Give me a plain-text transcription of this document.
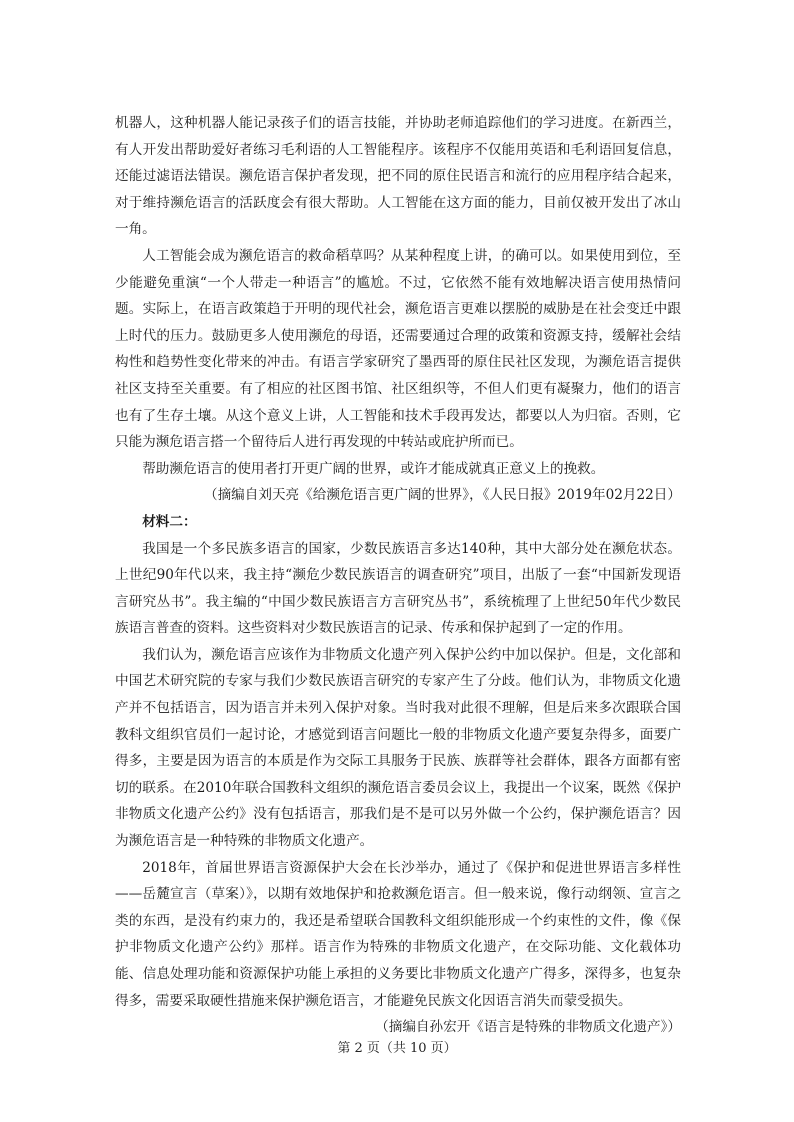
机器人，这种机器人能记录孩子们的语言技能，并协助老师追踪他们的学习进度。在新西兰，有人开发出帮助爱好者练习毛利语的人工智能程序。该程序不仅能用英语和毛利语回复信息，还能过滤语法错误。濒危语言保护者发现，把不同的原住民语言和流行的应用程序结合起来，对于维持濒危语言的活跃度会有很大帮助。人工智能在这方面的能力，目前仅被开发出了冰山一角。

人工智能会成为濒危语言的救命稻草吗？从某种程度上讲，的确可以。如果使用到位，至少能避免重演“一个人带走一种语言”的尴尬。不过，它依然不能有效地解决语言使用热情问题。实际上，在语言政策趋于开明的现代社会，濒危语言更难以摆脱的威胁是在社会变迁中跟上时代的压力。鼓励更多人使用濒危的母语，还需要通过合理的政策和资源支持，缓解社会结构性和趋势性变化带来的冲击。有语言学家研究了墨西哥的原住民社区发现，为濒危语言提供社区支持至关重要。有了相应的社区图书馆、社区组织等，不但人们更有凝聚力，他们的语言也有了生存土壤。从这个意义上讲，人工智能和技术手段再发达，都要以人为归宿。否则，它只能为濒危语言搭一个留待后人进行再发现的中转站或庇护所而已。

帮助濒危语言的使用者打开更广阔的世界，或许才能成就真正意义上的挽救。

（摘编自刘天亮《给濒危语言更广阔的世界》，《人民日报》2019年02月22日）

材料二：

我国是一个多民族多语言的国家，少数民族语言多达140种，其中大部分处在濒危状态。上世纪90年代以来，我主持“濒危少数民族语言的调查研究”项目，出版了一套“中国新发现语言研究丛书”。我主编的“中国少数民族语言方言研究丛书”，系统梳理了上世纪50年代少数民族语言普查的资料。这些资料对少数民族语言的记录、传承和保护起到了一定的作用。

我们认为，濒危语言应该作为非物质文化遗产列入保护公约中加以保护。但是，文化部和中国艺术研究院的专家与我们少数民族语言研究的专家产生了分歧。他们认为，非物质文化遗产并不包括语言，因为语言并未列入保护对象。当时我对此很不理解，但是后来多次跟联合国教科文组织官员们一起讨论，才感觉到语言问题比一般的非物质文化遗产要复杂得多，面要广得多，主要是因为语言的本质是作为交际工具服务于民族、族群等社会群体，跟各方面都有密切的联系。在2010年联合国教科文组织的濒危语言委员会议上，我提出一个议案，既然《保护非物质文化遗产公约》没有包括语言，那我们是不是可以另外做一个公约，保护濒危语言？因为濒危语言是一种特殊的非物质文化遗产。

2018年，首届世界语言资源保护大会在长沙举办，通过了《保护和促进世界语言多样性——岳麓宣言（草案）》，以期有效地保护和抢救濒危语言。但一般来说，像行动纲领、宣言之类的东西，是没有约束力的，我还是希望联合国教科文组织能形成一个约束性的文件，像《保护非物质文化遗产公约》那样。语言作为特殊的非物质文化遗产，在交际功能、文化载体功能、信息处理功能和资源保护功能上承担的义务要比非物质文化遗产广得多，深得多，也复杂得多，需要采取硬性措施来保护濒危语言，才能避免民族文化因语言消失而蒙受损失。

（摘编自孙宏开《语言是特殊的非物质文化遗产》）

第 2 页（共 10 页）
